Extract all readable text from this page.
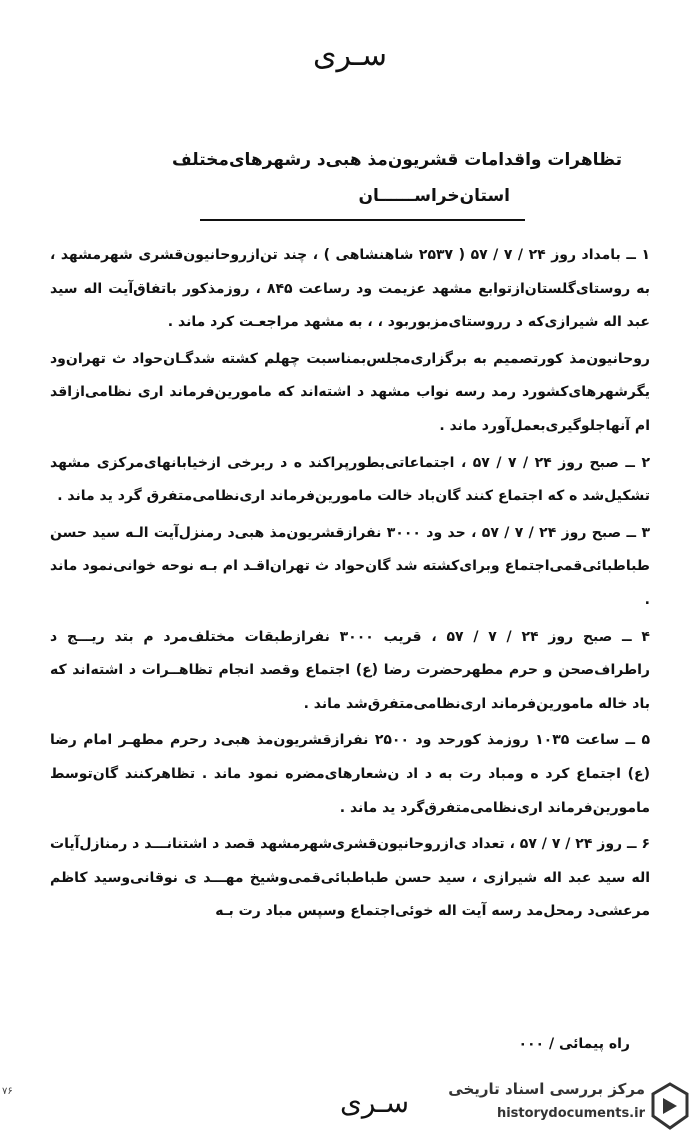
سـرى
تظاهرات واقدامات قشريون‌مذ هبی‌د رشهرهای‌مختلف
استان‌خراســــــان

۱ ــ بامداد روز ۲۴ / ۷ / ۵۷ ( ۲۵۳۷ شاهنشاهی ) ، چند تن‌ازروحانیون‌قشری شهرمشهد ، به روستای‌گلستان‌ازتوابع مشهد عزیمت ود رساعت ۸۴۵ ، روزمذکور باتفاق‌آیت اله سید عبد اله شیرازی‌که د رروستای‌مزبوربود ، ، به مشهد مراجعـت کرد ماند .

روحانیون‌مذ کورتصمیم به برگزاری‌مجلس‌بمناسبت چهلم کشته شدگـان‌حواد ث تهران‌ود یگرشهرهای‌کشورد رمد رسه نواب مشهد د اشته‌اند که مامورین‌فرماند اری نظامی‌ازاقد ام آنها‌جلوگیری‌بعمل‌آورد ماند .

۲ ــ صبح روز ۲۴ / ۷ / ۵۷ ، اجتماعاتی‌بطورپراکند ه د ربرخی ازخیابانهای‌مرکزی مشهد تشکیل‌شد ه که اجتماع کنند گان‌باد خالت مامورین‌فرماند اری‌نظامی‌متفرق گرد ید ماند .

۳ ــ صبح روز ۲۴ / ۷ / ۵۷ ، حد ود ۳۰۰۰ نفرازقشریون‌مذ هبی‌د رمنزل‌آیت الـه سید حسن طباطبائی‌قمی‌اجتماع وبرای‌کشته شد گان‌حواد ث تهران‌اقـد ام بـه نوحه خوانی‌نمود ماند .

۴ ــ صبح روز ۲۴ / ۷ / ۵۷ ، قریب ۳۰۰۰ نفرازطبقات مختلف‌مرد م بتد ریـــج د راطراف‌صحن و حرم مطهرحضرت رضا (ع) اجتماع وقصد انجام تظاهــرات د اشته‌اند که باد خاله مامورین‌فرماند اری‌نظامی‌متفرق‌شد ماند .

۵ ــ ساعت ۱۰۳۵ روزمذ کورحد ود ۲۵۰۰ نفرازقشریون‌مذ هبی‌د رحرم مطهـر امام رضا (ع) اجتماع کرد ه ومباد رت به د اد ن‌شعارهای‌مضره نمود ماند . تظاهرکنند گان‌توسط مامورین‌فرماند اری‌نظامی‌متفرق‌گرد ید ماند .

۶ ــ روز ۲۴ / ۷ / ۵۷ ، تعداد ی‌ازروحانیون‌قشری‌شهرمشهد قصد د اشتنانـــد د رمنازل‌آیات اله سید عبد اله شیرازی ، سید حسن طباطبائی‌قمی‌وشیخ مهـــد ی نوقانی‌وسید کاظم مرعشی‌د رمحل‌مد رسه آیت اله خوئی‌اجتماع وسپس مباد رت بـه

راه پیمائی / ۰۰۰
۷۶	سـرى	مرکز بررسی اسناد تاریخی
historydocuments.ir
